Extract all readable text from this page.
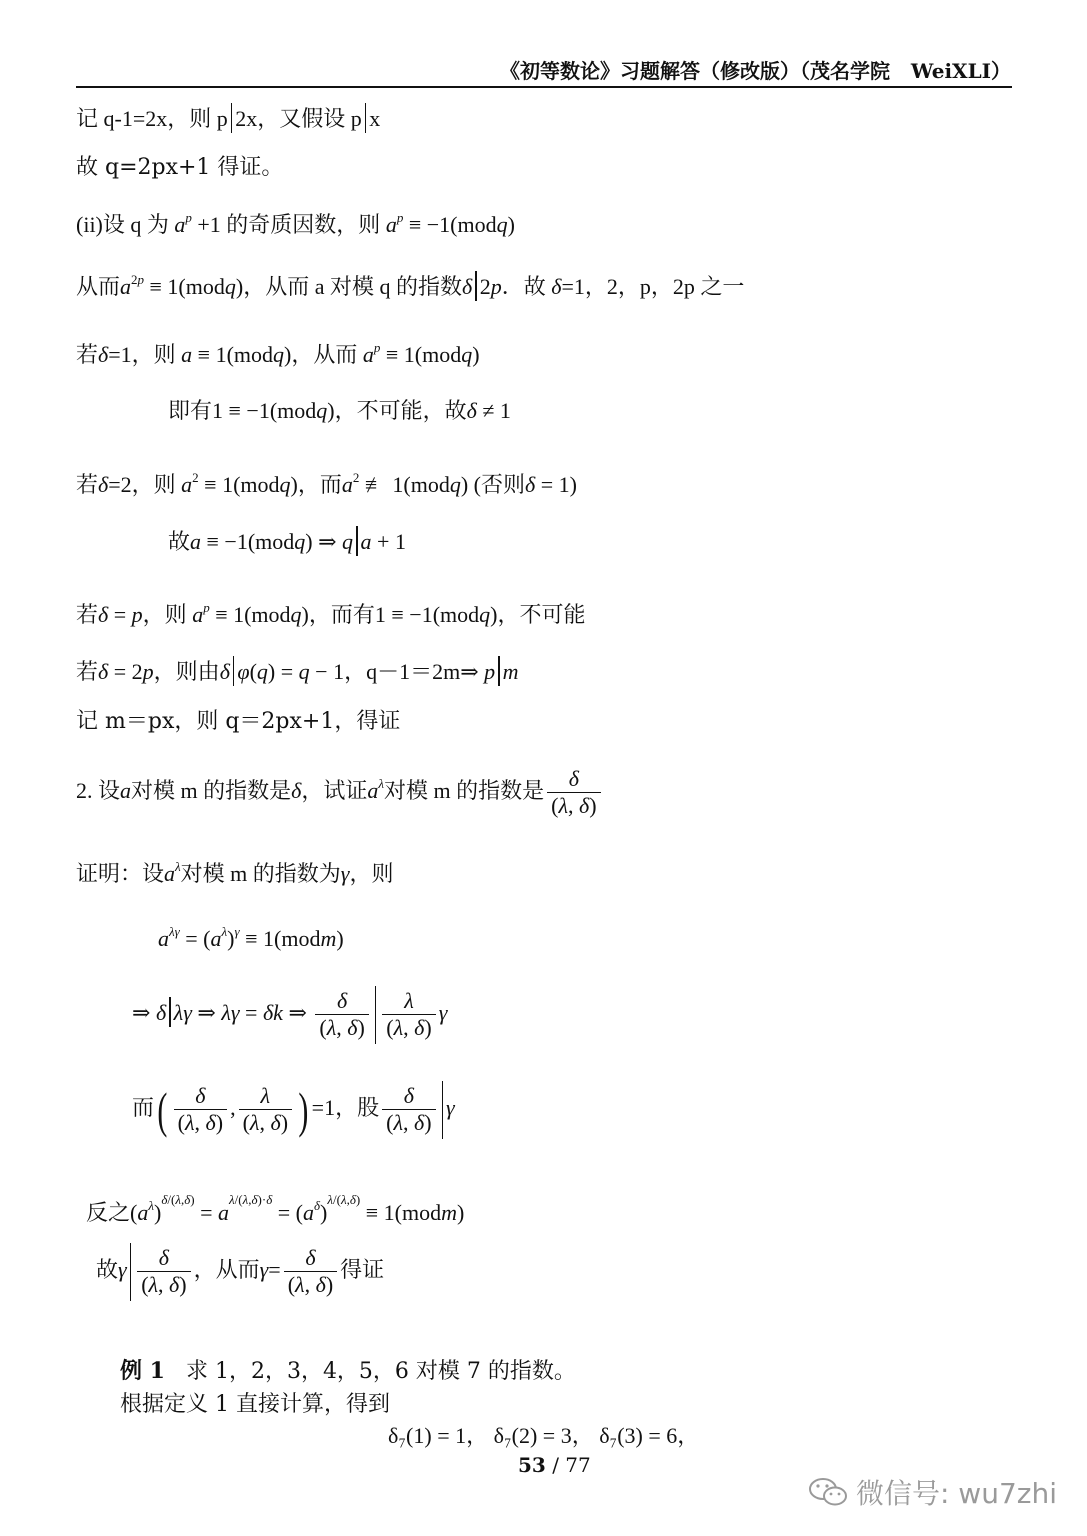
《初等数论》习题解答（修改版）（茂名学院 WeiXLI）
记 q-1=2x，则 p 2x，又假设 p x
故 q=2px+1 得证。
(ii)设 q 为 $a^p +1$ 的奇质因数，则 $a^p$ ≡ −1(modq)
从而$a^{2p}$ ≡ 1(modq)，从而 a 对模 q 的指数δ 2p．故 δ=1，2，p，2p 之一
若δ=1，则 a ≡ 1(modq)，从而 $a^p$ ≡ 1(modq)
即有1 ≡ −1(modq)，不可能，故δ ≠ 1
若δ=2，则 $a^2$ ≡ 1(modq)，而$a^2$ ≢ 1(modq) (否则δ = 1)
故a ≡ −1(modq) ⇒ q a + 1
若δ = p，则 $a^p$ ≡ 1(modq)，而有1 ≡ −1(modq)，不可能
若δ = 2p，则由δ φ(q) = q − 1，q－1＝2m⇒ p m
记 m＝px，则 q＝2px+1，得证
2. 设a对模 m 的指数是δ，试证$a^\lambda$对模 m 的指数是 $\frac{\delta}{(\lambda, \delta)}$
证明：设$a^\lambda$对模 m 的指数为γ，则
$a^{\lambda\gamma} = (a^\lambda)^\gamma$ ≡ 1(modm)
⇒ δ λγ ⇒ λγ = δk ⇒ $\frac{\delta}{(\lambda, \delta)} \frac{\lambda}{(\lambda, \delta)}$ γ
而( $\frac{\delta}{(\lambda, \delta)}$ , $\frac{\lambda}{(\lambda, \delta)}$ ) =1，股 $\frac{\delta}{(\lambda, \delta)}$ γ
反之$(a^\lambda)^{\delta/(\lambda,\delta)} = a^{\lambda/(\lambda,\delta)\cdot\delta} = (a^\delta)^{\lambda/(\lambda,\delta)}$ ≡ 1(modm)
故γ $\frac{\delta}{(\lambda, \delta)}$ ，从而$\gamma= \frac{\delta}{(\lambda, \delta)}$ 得证
例 1 求 1，2，3，4，5，6 对模 7 的指数。
根据定义 1 直接计算，得到
δ₇(1) = 1， δ₇(2) = 3， δ₇(3) = 6，
53 / 77
微信号: wu7zhi
